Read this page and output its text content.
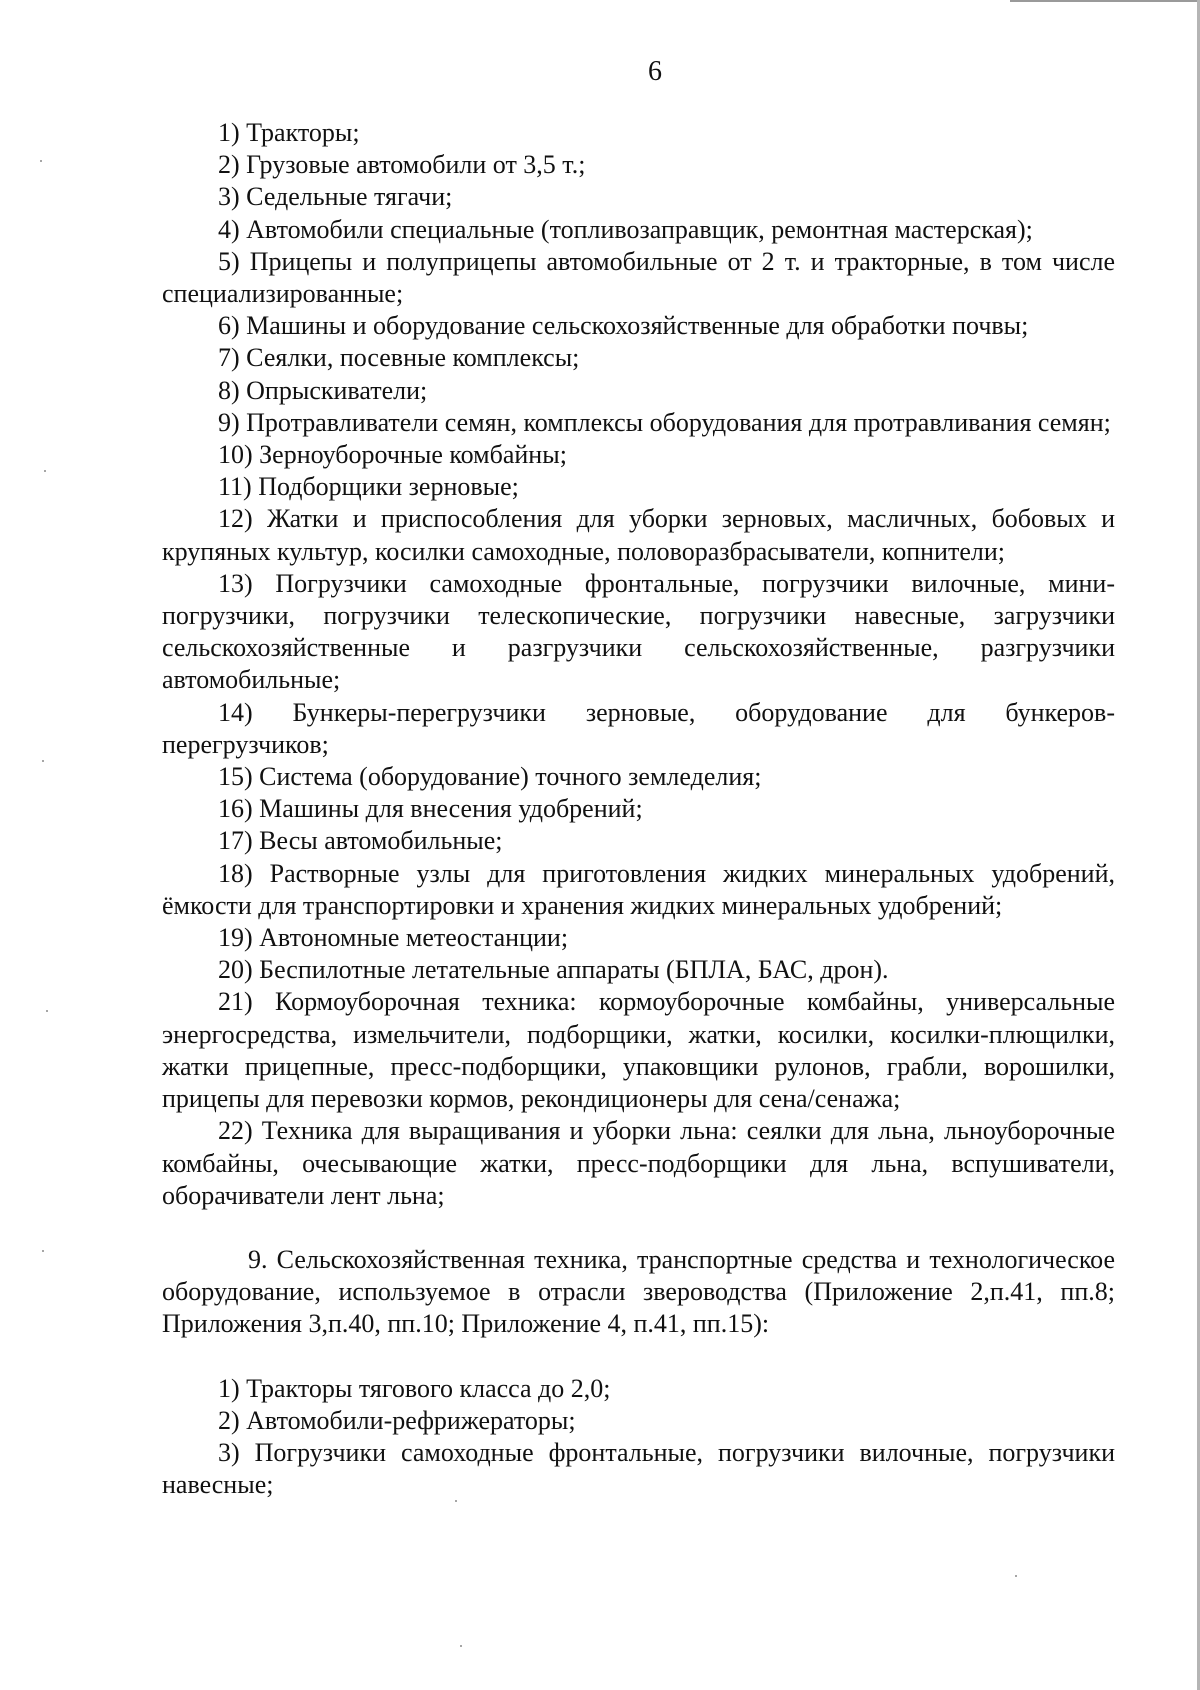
6

1) Тракторы;

2) Грузовые автомобили от 3,5 т.;

3) Седельные тягачи;

4) Автомобили специальные (топливозаправщик, ремонтная мастерская);

5) Прицепы и полуприцепы автомобильные от 2 т. и тракторные, в том числе специализированные;

6) Машины и оборудование сельскохозяйственные для обработки почвы;

7) Сеялки, посевные комплексы;

8) Опрыскиватели;

9) Протравливатели семян, комплексы оборудования для протравливания семян;

10) Зерноуборочные комбайны;

11) Подборщики зерновые;

12) Жатки и приспособления для уборки зерновых, масличных, бобовых и крупяных культур, косилки самоходные, половоразбрасыватели, копнители;

13) Погрузчики самоходные фронтальные, погрузчики вилочные, мини-погрузчики, погрузчики телескопические, погрузчики навесные, загрузчики сельскохозяйственные и разгрузчики сельскохозяйственные, разгрузчики автомобильные;

14) Бункеры-перегрузчики зерновые, оборудование для бункеров-перегрузчиков;

15) Система (оборудование) точного земледелия;

16) Машины для внесения удобрений;

17) Весы автомобильные;

18) Растворные узлы для приготовления жидких минеральных удобрений, ёмкости для транспортировки и хранения жидких минеральных удобрений;

19) Автономные метеостанции;

20) Беспилотные летательные аппараты (БПЛА, БАС, дрон).

21) Кормоуборочная техника: кормоуборочные комбайны, универсальные энергосредства, измельчители, подборщики, жатки, косилки, косилки-плющилки, жатки прицепные, пресс-подборщики, упаковщики рулонов, грабли, ворошилки, прицепы для перевозки кормов, рекондиционеры для сена/сенажа;

22) Техника для выращивания и уборки льна: сеялки для льна, льноуборочные комбайны, очесывающие жатки, пресс-подборщики для льна, вспушиватели, оборачиватели лент льна;

9. Сельскохозяйственная техника, транспортные средства и технологическое оборудование, используемое в отрасли звероводства (Приложение 2,п.41, пп.8; Приложения 3,п.40, пп.10; Приложение 4, п.41, пп.15):

1) Тракторы тягового класса до 2,0;

2) Автомобили-рефрижераторы;

3) Погрузчики самоходные фронтальные, погрузчики вилочные, погрузчики навесные;
